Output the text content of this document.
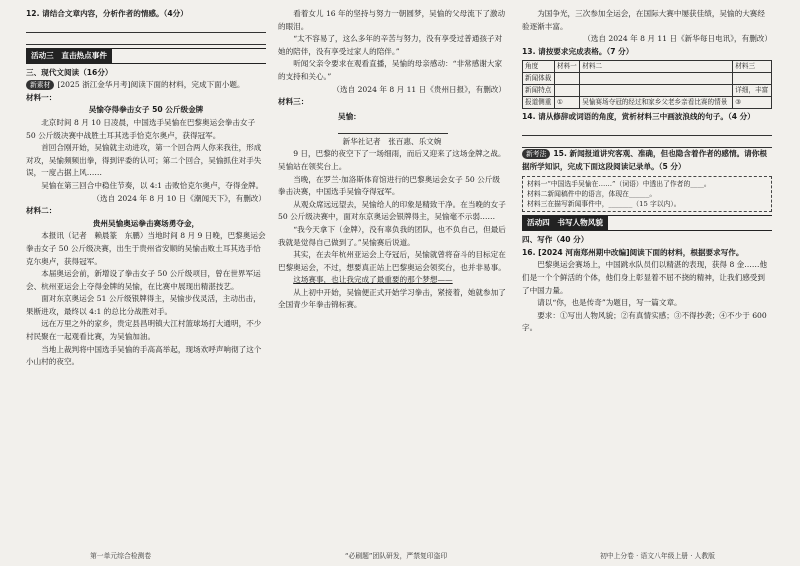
12. 请结合文章内容，分析作者的情感。（4分）

活动三　直击热点事件

三、现代文阅读（16分）

新素材 [2025 浙江金华月考]阅读下面的材料，完成下面小题。

材料一：

吴愉夺得拳击女子 50 公斤级金牌

北京时间 8 月 10 日凌晨，中国选手吴愉在巴黎奥运会拳击女子 50 公斤级决赛中战胜土耳其选手恰克尔奥卢，获得冠军。

首回合刚开始，吴愉就主动进攻，第一个回合两人你来我往，形成对攻，吴愉频频出拳，得到评委的认可；第二个回合，吴愉抓住对手失误，一度占据上风……

吴愉在第三回合中稳住节奏，以 4:1 击败恰克尔奥卢，夺得金牌。

（选自 2024 年 8 月 10 日《潮闻天下》，有删改）

材料二：

贵州吴愉奥运拳击赛场勇夺金，

本报讯（记者　赖晨篆　东鹏）当地时间 8 月 9 日晚，巴黎奥运会拳击女子 50 公斤级决赛，出生于贵州省安顺的吴愉击败土耳其选手恰克尔奥卢，获得冠军。

本届奥运会前，新增设了拳击女子 50 公斤级项目，曾在世界军运会、杭州亚运会上夺得金牌的吴愉，在比赛中展现出精湛技艺。

面对东京奥运会 51 公斤级银牌得主，吴愉步伐灵活，主动出击，果断进攻，最终以 4:1 的总比分战胜对手。

远在万里之外的家乡，贵定县昌明镇大江村篮球场打大通明，不少村民聚在一起观看比赛，为吴愉加油。

当地上裁判将中国选手吴愉的手高高举起，现场欢呼声响彻了这个小山村的夜空。

第一单元综合检测卷

看着女儿 16 年的坚持与努力一朝圆梦，吴愉的父母流下了激动的眼泪。

“太不容易了，这么多年的辛苦与努力，没有享受过普通孩子对她的陪伴，没有享受过家人的陪伴。”

听闻父亲令要求在观看直播，吴愉的母亲感动：“非常感谢大家的支持和关心。”

（选自 2024 年 8 月 11 日《贵州日报》，有删改）

材料三：

吴愉：

新华社记者　张百惠、乐文婉

9 日，巴黎的夜空下了一场细雨，而后又迎来了这场金牌之战。吴愉站在领奖台上。

当晚，在罗兰·加洛斯体育馆进行的巴黎奥运会女子 50 公斤级拳击决赛，中国选手吴愉夺得冠军。

从观众席远远望去，吴愉给人的印象是精致干净。在当晚的女子 50 公斤级决赛中，面对东京奥运会银牌得主，吴愉毫不示弱……

“我今天拿下（金牌），没有辜负我的团队，也不负自己，但最后我就是觉得自己做到了。”吴愉赛后说道。

其实，在去年杭州亚运会上夺冠后，吴愉就曾将奋斗的目标定在巴黎奥运会，不过，想要真正站上巴黎奥运会领奖台，也并非易事。

这场赛事，也让我完成了最重要的那个梦想——

从上初中开始，吴愉便正式开始学习拳击，紧接着，她就参加了全国青少年拳击锦标赛。

“必刷题”团队研发，严禁复印盗印

为国争光，三次参加全运会，在国际大赛中屡获佳绩，吴愉的大赛经验逐渐丰富。

（选自 2024 年 8 月 11 日《新华每日电讯》，有删改）

13. 请按要求完成表格。（7 分）

角度	材料一	材料二	材料三
新闻体裁			
新闻特点			详细，丰富
报道侧重	①	吴愉赛场夺冠的经过和家乡父老乡亲看比赛的情景	③

14. 请从修辞或词语的角度，赏析材料三中画波浪线的句子。（4 分）

新考法 15. 新闻报道讲究客观、准确，但也隐含着作者的感情。请你根据所学知识，完成下面这段阅读记录单。（5 分）

材料一“中国选手吴愉在……”（词语）中透出了作者的____。

材料二新闻稿件中的语言，体现在______。

材料三在描写新闻事件中，_______（15 字以内）。

活动四　书写人物风貌

四、写作（40 分）

16. [2024 河南郑州期中改编]阅读下面的材料，根据要求写作。

巴黎奥运会赛场上，中国跳水队员们以精湛的表现，获得 8 金……他们是一个个鲜活的个体，他们身上彰显着不屈不挠的精神，让我们感受到了中国力量。

请以“你，也是传奇”为题目，写一篇文章。

要求：①写出人物风貌；②有真情实感；③不得抄袭；④不少于 600 字。

初中上分卷 · 语文八年级上册 · 人教版
